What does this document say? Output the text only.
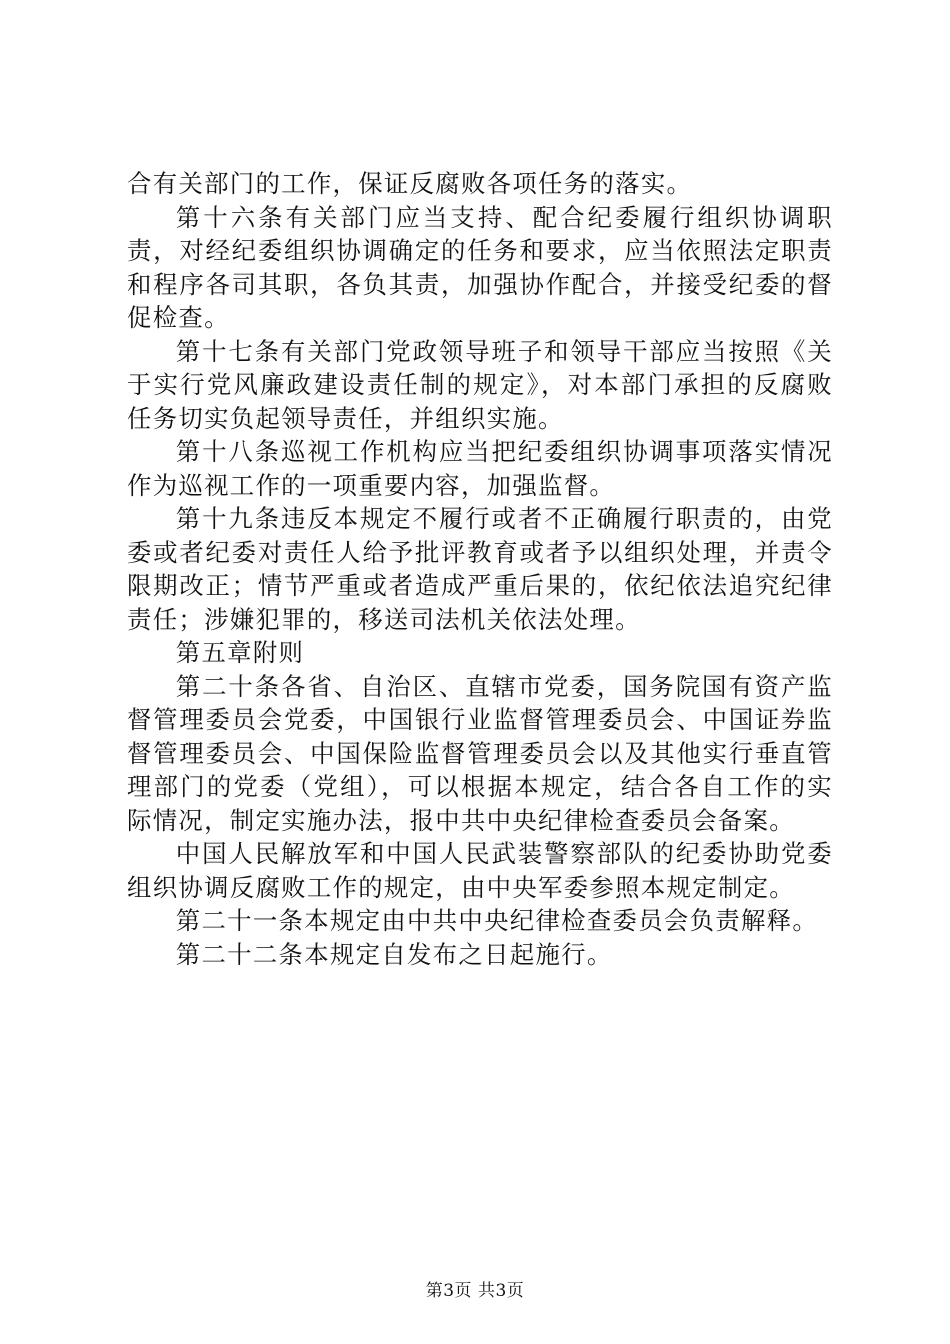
合有关部门的工作，保证反腐败各项任务的落实。

第十六条有关部门应当支持、配合纪委履行组织协调职责，对经纪委组织协调确定的任务和要求，应当依照法定职责和程序各司其职，各负其责，加强协作配合，并接受纪委的督促检查。

第十七条有关部门党政领导班子和领导干部应当按照《关于实行党风廉政建设责任制的规定》，对本部门承担的反腐败任务切实负起领导责任，并组织实施。

第十八条巡视工作机构应当把纪委组织协调事项落实情况作为巡视工作的一项重要内容，加强监督。

第十九条违反本规定不履行或者不正确履行职责的，由党委或者纪委对责任人给予批评教育或者予以组织处理，并责令限期改正；情节严重或者造成严重后果的，依纪依法追究纪律责任；涉嫌犯罪的，移送司法机关依法处理。

第五章附则

第二十条各省、自治区、直辖市党委，国务院国有资产监督管理委员会党委，中国银行业监督管理委员会、中国证券监督管理委员会、中国保险监督管理委员会以及其他实行垂直管理部门的党委（党组），可以根据本规定，结合各自工作的实际情况，制定实施办法，报中共中央纪律检查委员会备案。

中国人民解放军和中国人民武装警察部队的纪委协助党委组织协调反腐败工作的规定，由中央军委参照本规定制定。

第二十一条本规定由中共中央纪律检查委员会负责解释。

第二十二条本规定自发布之日起施行。

第3页 共3页
